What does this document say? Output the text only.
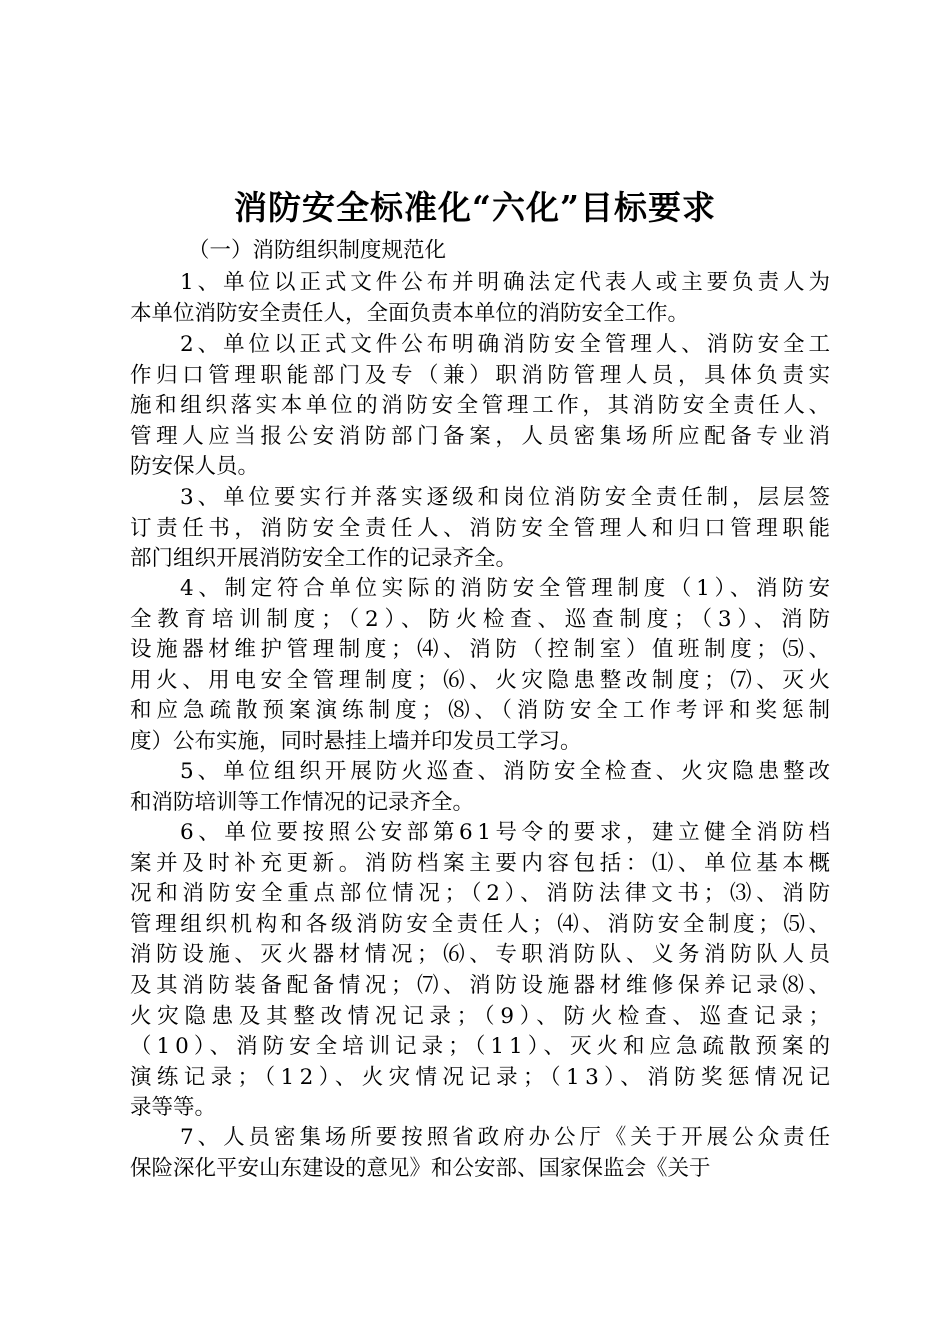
消防安全标准化“六化”目标要求
（一）消防组织制度规范化
1、单位以正式文件公布并明确法定代表人或主要负责人为
本单位消防安全责任人，全面负责本单位的消防安全工作。
2、单位以正式文件公布明确消防安全管理人、消防安全工
作归口管理职能部门及专（兼）职消防管理人员，具体负责实
施和组织落实本单位的消防安全管理工作，其消防安全责任人、
管理人应当报公安消防部门备案，人员密集场所应配备专业消
防安保人员。
3、单位要实行并落实逐级和岗位消防安全责任制，层层签
订责任书，消防安全责任人、消防安全管理人和归口管理职能
部门组织开展消防安全工作的记录齐全。
4、制定符合单位实际的消防安全管理制度（1）、消防安
全教育培训制度；（2）、防火检查、巡查制度；（3）、消防
设施器材维护管理制度；⑷、消防（控制室）值班制度；⑸、
用火、用电安全管理制度；⑹、火灾隐患整改制度；⑺、灭火
和应急疏散预案演练制度；⑻、（消防安全工作考评和奖惩制
度）公布实施，同时悬挂上墙并印发员工学习。
5、单位组织开展防火巡查、消防安全检查、火灾隐患整改
和消防培训等工作情况的记录齐全。
6、单位要按照公安部第61号令的要求，建立健全消防档
案并及时补充更新。消防档案主要内容包括：⑴、单位基本概
况和消防安全重点部位情况；（2）、消防法律文书；⑶、消防
管理组织机构和各级消防安全责任人；⑷、消防安全制度；⑸、
消防设施、灭火器材情况；⑹、专职消防队、义务消防队人员
及其消防装备配备情况；⑺、消防设施器材维修保养记录⑻、
火灾隐患及其整改情况记录；（9）、防火检查、巡查记录；
（10）、消防安全培训记录；（11）、灭火和应急疏散预案的
演练记录；（12）、火灾情况记录；（13）、消防奖惩情况记
录等等。
7、人员密集场所要按照省政府办公厅《关于开展公众责任
保险深化平安山东建设的意见》和公安部、国家保监会《关于
